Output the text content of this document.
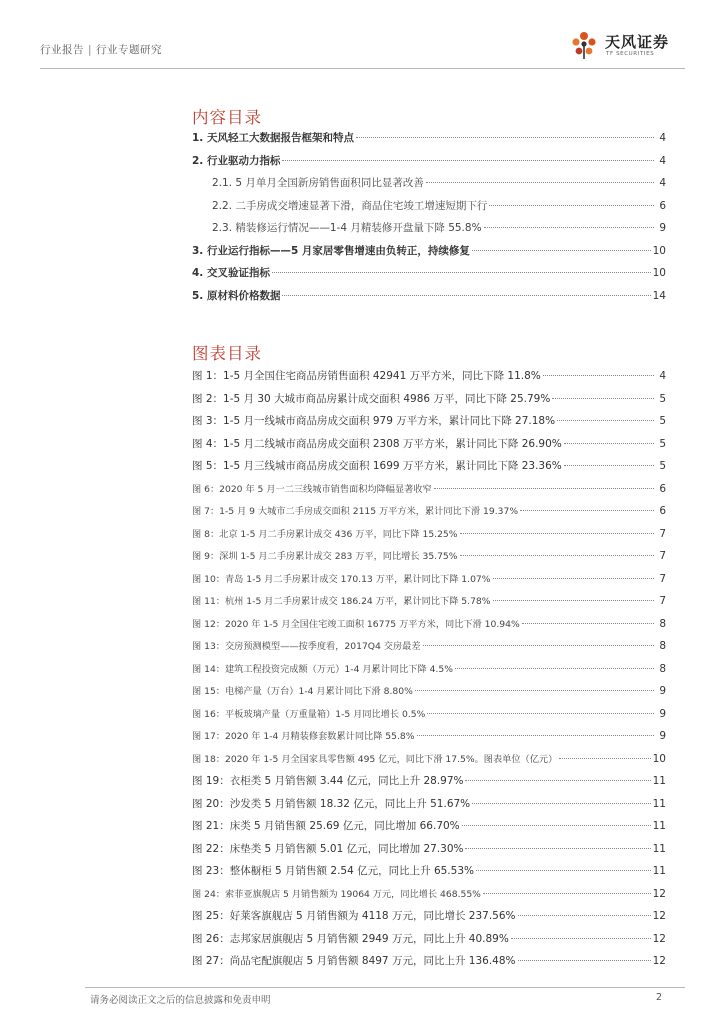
行业报告 | 行业专题研究	天风证券
TF SECURITIES
内容目录
1. 天风轻工大数据报告框架和特点	4
2. 行业驱动力指标	4
2.1. 5 月单月全国新房销售面积同比显著改善	4
2.2. 二手房成交增速显著下滑，商品住宅竣工增速短期下行	6
2.3. 精装修运行情况——1-4 月精装修开盘量下降 55.8%	9
3. 行业运行指标——5 月家居零售增速由负转正，持续修复	10
4. 交叉验证指标	10
5. 原材料价格数据	14
图表目录
图 1：1-5 月全国住宅商品房销售面积 42941 万平方米，同比下降 11.8%	4
图 2：1-5 月 30 大城市商品房累计成交面积 4986 万平，同比下降 25.79%	5
图 3：1-5 月一线城市商品房成交面积 979 万平方米，累计同比下降 27.18%	5
图 4：1-5 月二线城市商品房成交面积 2308 万平方米，累计同比下降 26.90%	5
图 5：1-5 月三线城市商品房成交面积 1699 万平方米，累计同比下降 23.36%	5
图 6：2020 年 5 月一二三线城市销售面积均降幅显著收窄	6
图 7：1-5 月 9 大城市二手房成交面积 2115 万平方米，累计同比下滑 19.37%	6
图 8：北京 1-5 月二手房累计成交 436 万平，同比下降 15.25%	7
图 9：深圳 1-5 月二手房累计成交 283 万平，同比增长 35.75%	7
图 10：青岛 1-5 月二手房累计成交 170.13 万平，累计同比下降 1.07%	7
图 11：杭州 1-5 月二手房累计成交 186.24 万平，累计同比下降 5.78%	7
图 12：2020 年 1-5 月全国住宅竣工面积 16775 万平方米，同比下滑 10.94%	8
图 13：交房预测模型——按季度看，2017Q4 交房最差	8
图 14：建筑工程投资完成额（万元）1-4 月累计同比下降 4.5%	8
图 15：电梯产量（万台）1-4 月累计同比下滑 8.80%	9
图 16：平板玻璃产量（万重量箱）1-5 月同比增长 0.5%	9
图 17：2020 年 1-4 月精装修套数累计同比降 55.8%	9
图 18：2020 年 1-5 月全国家具零售额 495 亿元，同比下滑 17.5%。图表单位（亿元）	10
图 19：衣柜类 5 月销售额 3.44 亿元，同比上升 28.97%	11
图 20：沙发类 5 月销售额 18.32 亿元，同比上升 51.67%	11
图 21：床类 5 月销售额 25.69 亿元，同比增加 66.70%	11
图 22：床垫类 5 月销售额 5.01 亿元，同比增加 27.30%	11
图 23：整体橱柜 5 月销售额 2.54 亿元，同比上升 65.53%	11
图 24：索菲亚旗舰店 5 月销售额为 19064 万元，同比增长 468.55%	12
图 25：好莱客旗舰店 5 月销售额为 4118 万元，同比增长 237.56%	12
图 26：志邦家居旗舰店 5 月销售额 2949 万元，同比上升 40.89%	12
图 27：尚品宅配旗舰店 5 月销售额 8497 万元，同比上升 136.48%	12
请务必阅读正文之后的信息披露和免责申明	2
